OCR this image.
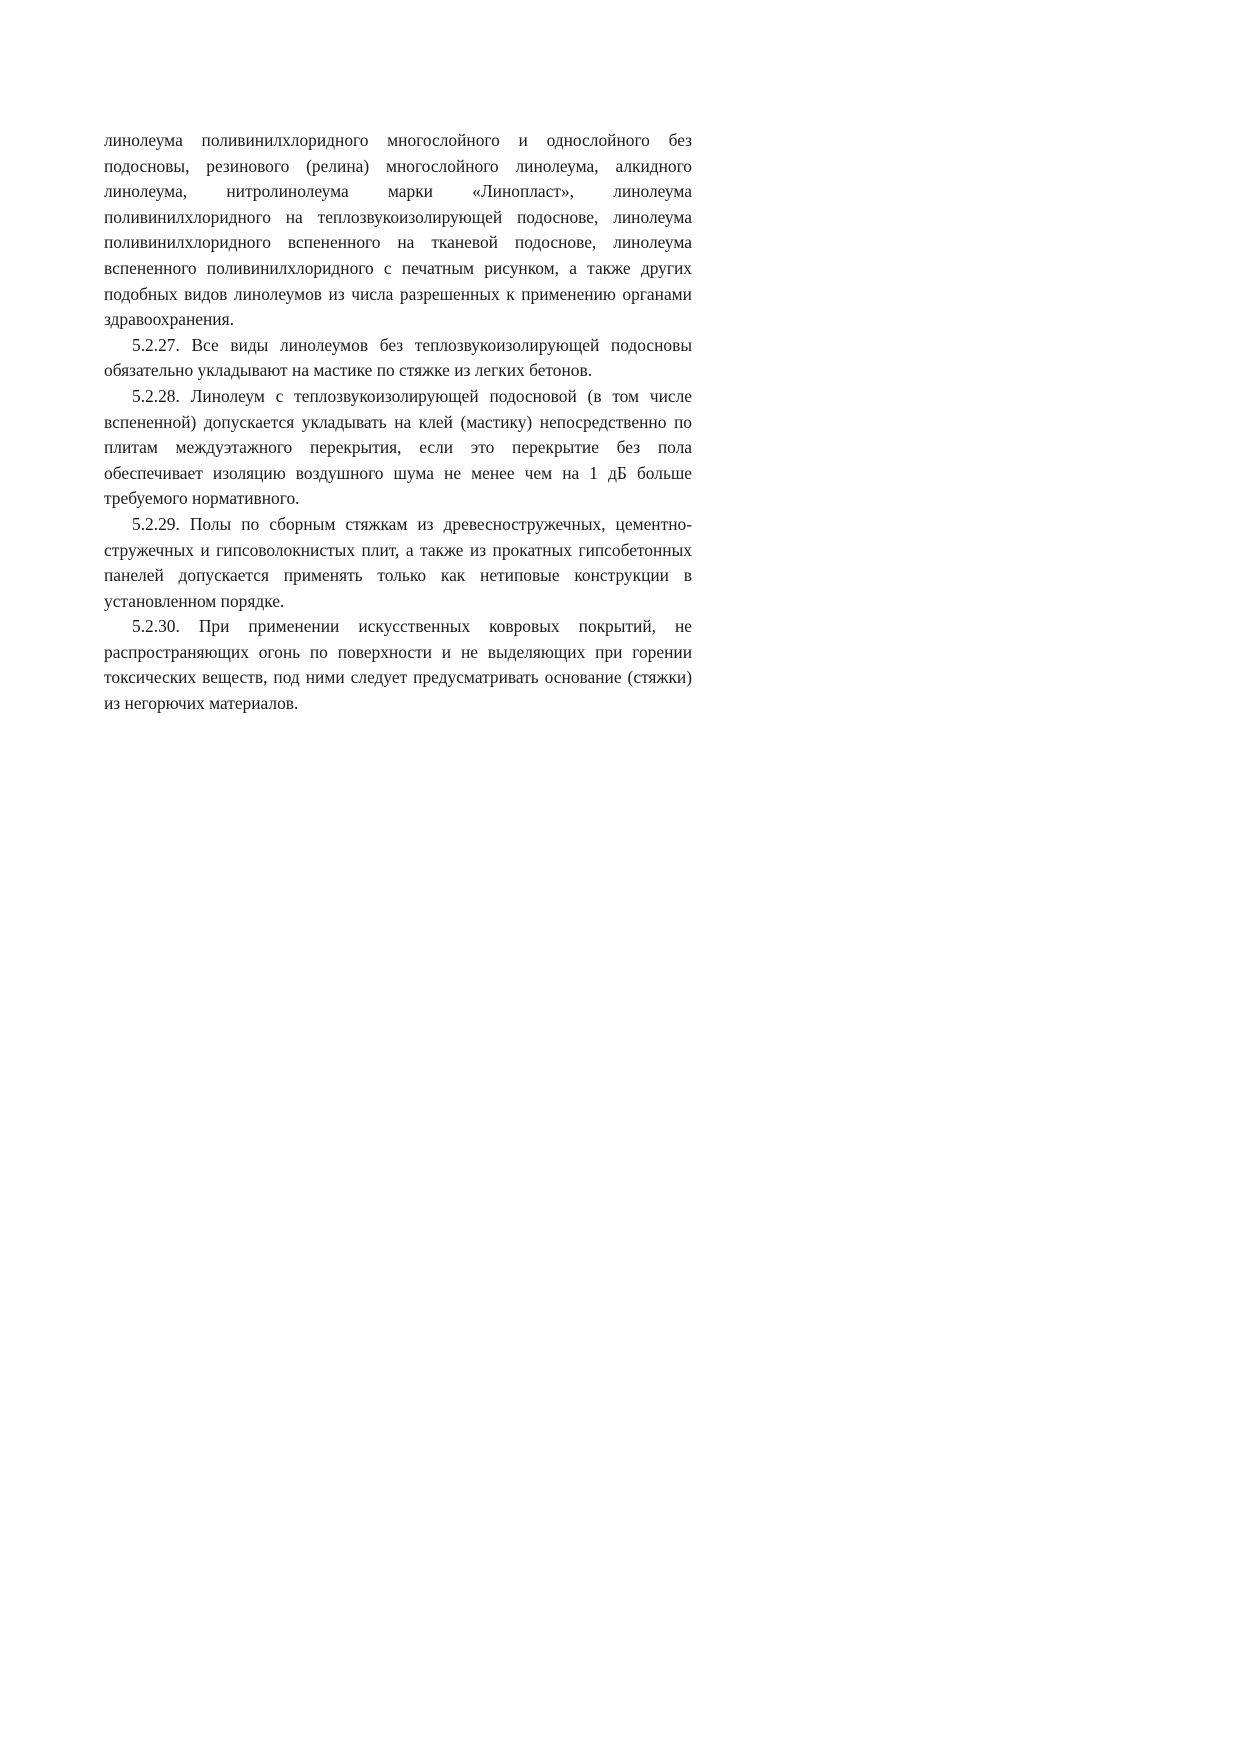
линолеума поливинилхлоридного многослойного и однослойного без подосновы, резинового (релина) многослойного линолеума, алкидного линолеума, нитролинолеума марки «Линопласт», линолеума поливинилхлоридного на теплозвукоизолирующей подоснове, линолеума поливинилхлоридного вспененного на тканевой подоснове, линолеума вспененного поливинилхлоридного с печатным рисунком, а также других подобных видов линолеумов из числа разрешенных к применению органами здравоохранения.

5.2.27. Все виды линолеумов без теплозвукоизолирующей подосновы обязательно укладывают на мастике по стяжке из легких бетонов.

5.2.28. Линолеум с теплозвукоизолирующей подосновой (в том числе вспененной) допускается укладывать на клей (мастику) непосредственно по плитам междуэтажного перекрытия, если это перекрытие без пола обеспечивает изоляцию воздушного шума не менее чем на 1 дБ больше требуемого нормативного.

5.2.29. Полы по сборным стяжкам из древесностружечных, цементно-стружечных и гипсоволокнистых плит, а также из прокатных гипсобетонных панелей допускается применять только как нетиповые конструкции в установленном порядке.

5.2.30. При применении искусственных ковровых покрытий, не распространяющих огонь по поверхности и не выделяющих при горении токсических веществ, под ними следует предусматривать основание (стяжки) из негорючих материалов.
